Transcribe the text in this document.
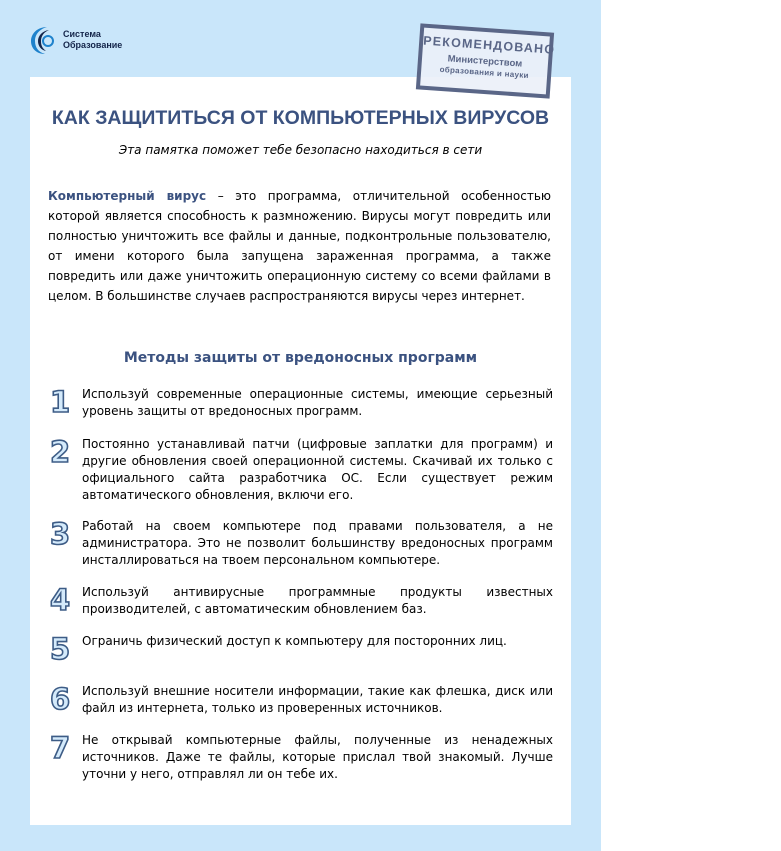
Система
Образование	РЕКОМЕНДОВАНО
Министерством
образования и науки
КАК ЗАЩИТИТЬСЯ ОТ КОМПЬЮТЕРНЫХ ВИРУСОВ
Эта памятка поможет тебе безопасно находиться в сети
Компьютерный вирус – это программа, отличительной особенностью которой является способность к размножению. Вирусы могут повредить или полностью уничтожить все файлы и данные, подконтрольные пользователю, от имени которого была запущена зараженная программа, а также повредить или даже уничтожить операционную систему со всеми файлами в целом. В большинстве случаев распространяются вирусы через интернет.
Методы защиты от вредоносных программ
1 Используй современные операционные системы, имеющие серьезный уровень защиты от вредоносных программ.
2 Постоянно устанавливай патчи (цифровые заплатки для программ) и другие обновления своей операционной системы. Скачивай их только с официального сайта разработчика ОС. Если существует режим автоматического обновления, включи его.
3 Работай на своем компьютере под правами пользователя, а не администратора. Это не позволит большинству вредоносных программ инсталлироваться на твоем персональном компьютере.
4 Используй антивирусные программные продукты известных производителей, с автоматическим обновлением баз.
5 Ограничь физический доступ к компьютеру для посторонних лиц.
6 Используй внешние носители информации, такие как флешка, диск или файл из интернета, только из проверенных источников.
7 Не открывай компьютерные файлы, полученные из ненадежных источников. Даже те файлы, которые прислал твой знакомый. Лучше уточни у него, отправлял ли он тебе их.
